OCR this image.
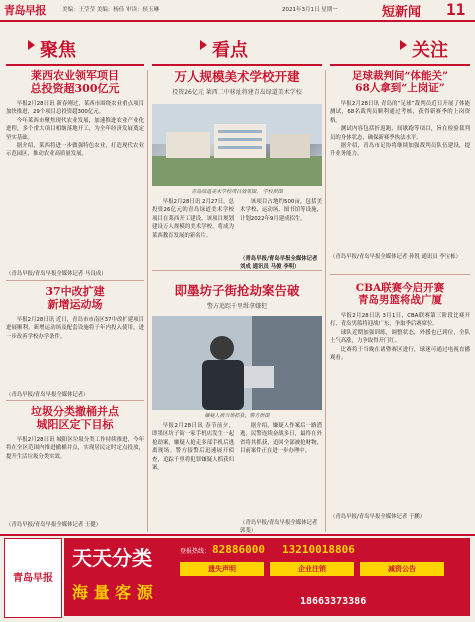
青岛早报	美编：王莹莹 美编：杨佳 审读：侯玉琳	2021年3月1日 星期一	短新闻 11
聚焦	看点	关注
莱西农业领军项目
总投资超300亿元

早报2月28日讯 新春刚过，莱西市围绕农业重点项目加快推进，29个项目总投资超300亿元。

今年莱西市聚焦现代农业发展，加速推进农业产业化进程，多个重大项目相继落地开工，为全年经济发展奠定坚实基础。

据介绍，莱西将进一步做强特色农业，打造现代农业示范园区，推动农业高质量发展。

（青岛早报/青岛早报全媒体记者 马良成）
37中改扩建
新增运动场

早报2月28日讯 近日，青岛市市南区37中改扩建项目进展顺利，新增运动场及配套设施将于年内投入使用，进一步改善学校办学条件。

（青岛早报/青岛早报全媒体记者）
垃圾分类撤桶并点
城阳区定下目标

早报2月28日讯 城阳区垃圾分类工作持续推进，今年将在全区范围内推进撤桶并点，实现居民定时定点投放，提升生活垃圾分类实效。

（青岛早报/青岛早报全媒体记者 王健）
万人规模美术学校开建
投资26亿元 莱西二中移址将建青岛绿道美术学校
青岛绿道美术学校项目效果图。 学校供图

早报2月28日讯 2月27日，总投资26亿元的青岛绿道美术学校项目在莱西开工建设。该项目规划建设万人规模的美术学校，将成为莱西教育发展的新名片。

该项目占地约500亩，包括美术学校、运动场、图书馆等设施，计划2022年9月建成招生。

（青岛早报/青岛早报全媒体记者 刘成 通讯员 马俊 李明）
即墨坊子街抢劫案告破
警方追踪千里缉拿嫌犯
嫌疑人被当场抓获，警方供图

早报2月28日讯 春节前夕，即墨区坊子街一家手机店发生一起抢劫案，嫌疑人抢走多部手机后逃离现场。警方接警后迅速展开侦查，追踪千里将犯罪嫌疑人抓获归案。

据介绍，嫌疑人作案后一路潜逃，民警连续奋战多日，最终在外省将其抓获，追回全部被抢财物，目前案件正在进一步办理中。

（青岛早报/青岛早报全媒体记者 郭斐）
足球裁判间“体能关”
68人拿到“上岗证”

早报2月28日讯 青岛的“足球”裁判员近日开展了体能测试，68名裁判员顺利通过考核，获得新赛季的上岗资格。

测试内容包括折返跑、间歇跑等项目，旨在检验裁判员的身体状态，确保新赛季执法水平。

据介绍，青岛市足协将继续加强裁判员队伍建设，提升业务能力。

（青岛早报/青岛早报全媒体记者 孙锐 通讯员 李宝栋）
CBA联赛今启开赛
青岛男篮将战广厦

早报2月28日讯 3月1日，CBA联赛第三阶段比赛开打，青岛男篮将迎战广东，争取季后赛席位。

球队近期加强训练，调整状态，外援也已到位，全队士气高涨，力争取得开门红。

比赛将于当晚在诸暨赛区进行，球迷可通过电视直播观看。

（青岛早报/青岛早报全媒体记者 于鹏）
青岛早报
天天分类	登报热线： 82886000 13210018806
遗失声明	企业注销	减资公告
海 量 客 源	18663373386
